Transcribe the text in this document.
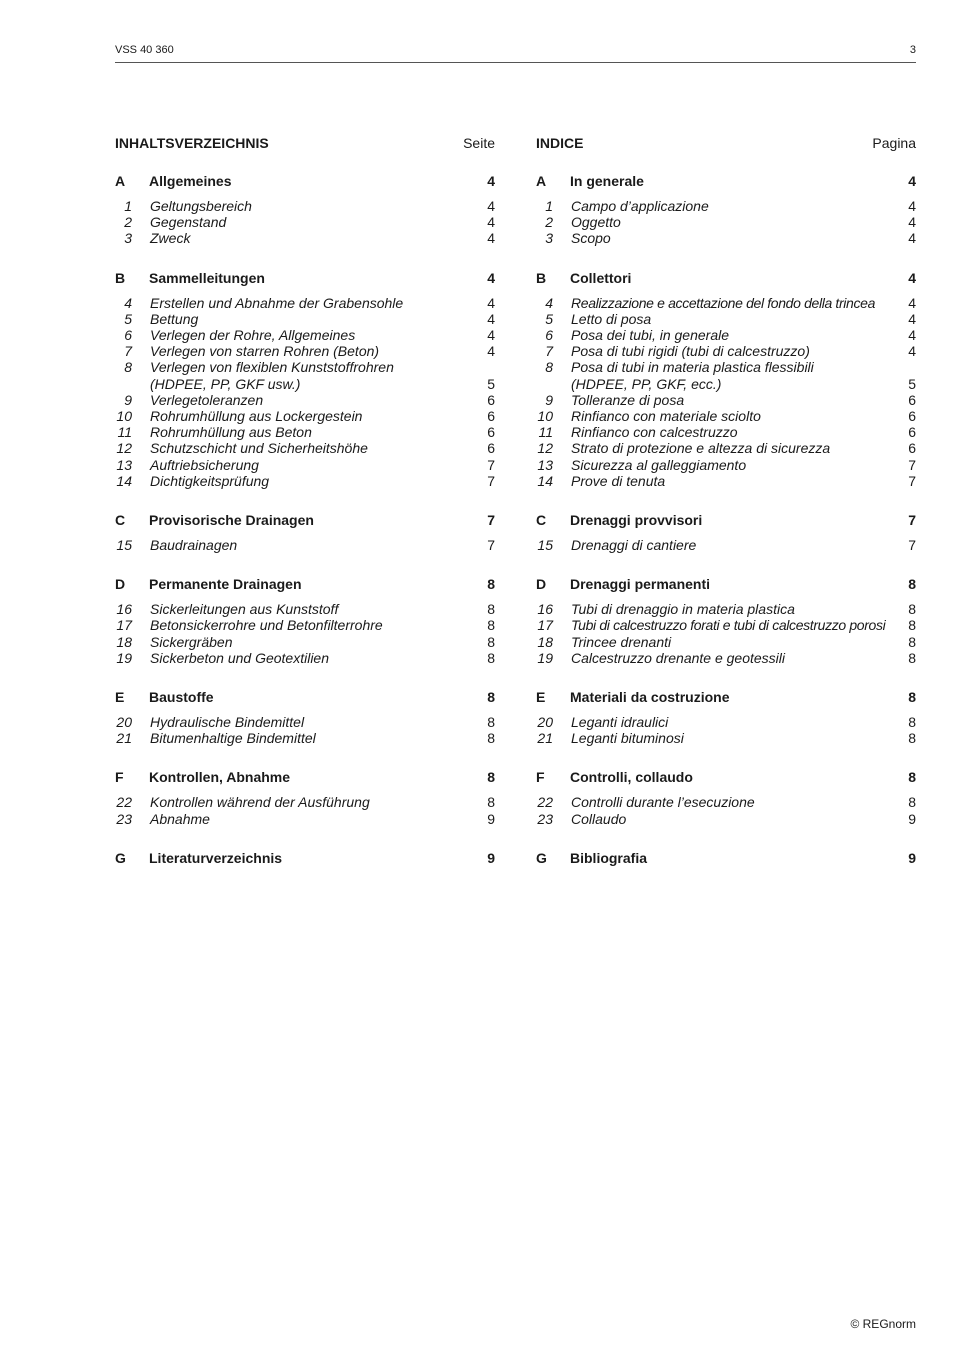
VSS 40 360	3
INHALTSVERZEICHNIS	Seite
A Allgemeines	4
1 Geltungsbereich	4
2 Gegenstand	4
3 Zweck	4
B Sammelleitungen	4
4 Erstellen und Abnahme der Grabensohle	4
5 Bettung	4
6 Verlegen der Rohre, Allgemeines	4
7 Verlegen von starren Rohren (Beton)	4
8 Verlegen von flexiblen Kunststoffrohren
(HDPEE, PP, GKF usw.)	5
9 Verlegetoleranzen	6
10 Rohrumhüllung aus Lockergestein	6
11 Rohrumhüllung aus Beton	6
12 Schutzschicht und Sicherheitshöhe	6
13 Auftriebsicherung	7
14 Dichtigkeitsprüfung	7
C Provisorische Drainagen	7
15 Baudrainagen	7
D Permanente Drainagen	8
16 Sickerleitungen aus Kunststoff	8
17 Betonsickerrohre und Betonfilterrohre	8
18 Sickergräben	8
19 Sickerbeton und Geotextilien	8
E Baustoffe	8
20 Hydraulische Bindemittel	8
21 Bitumenhaltige Bindemittel	8
F Kontrollen, Abnahme	8
22 Kontrollen während der Ausführung	8
23 Abnahme	9
G Literaturverzeichnis	9
INDICE	Pagina
A In generale	4
1 Campo d’applicazione	4
2 Oggetto	4
3 Scopo	4
B Collettori	4
4 Realizzazione e accettazione del fondo della trincea	4
5 Letto di posa	4
6 Posa dei tubi, in generale	4
7 Posa di tubi rigidi (tubi di calcestruzzo)	4
8 Posa di tubi in materia plastica flessibili
(HDPEE, PP, GKF, ecc.)	5
9 Tolleranze di posa	6
10 Rinfianco con materiale sciolto	6
11 Rinfianco con calcestruzzo	6
12 Strato di protezione e altezza di sicurezza	6
13 Sicurezza al galleggiamento	7
14 Prove di tenuta	7
C Drenaggi provvisori	7
15 Drenaggi di cantiere	7
D Drenaggi permanenti	8
16 Tubi di drenaggio in materia plastica	8
17 Tubi di calcestruzzo forati e tubi di calcestruzzo porosi	8
18 Trincee drenanti	8
19 Calcestruzzo drenante e geotessili	8
E Materiali da costruzione	8
20 Leganti idraulici	8
21 Leganti bituminosi	8
F Controlli, collaudo	8
22 Controlli durante l’esecuzione	8
23 Collaudo	9
G Bibliografia	9
© REGnorm
